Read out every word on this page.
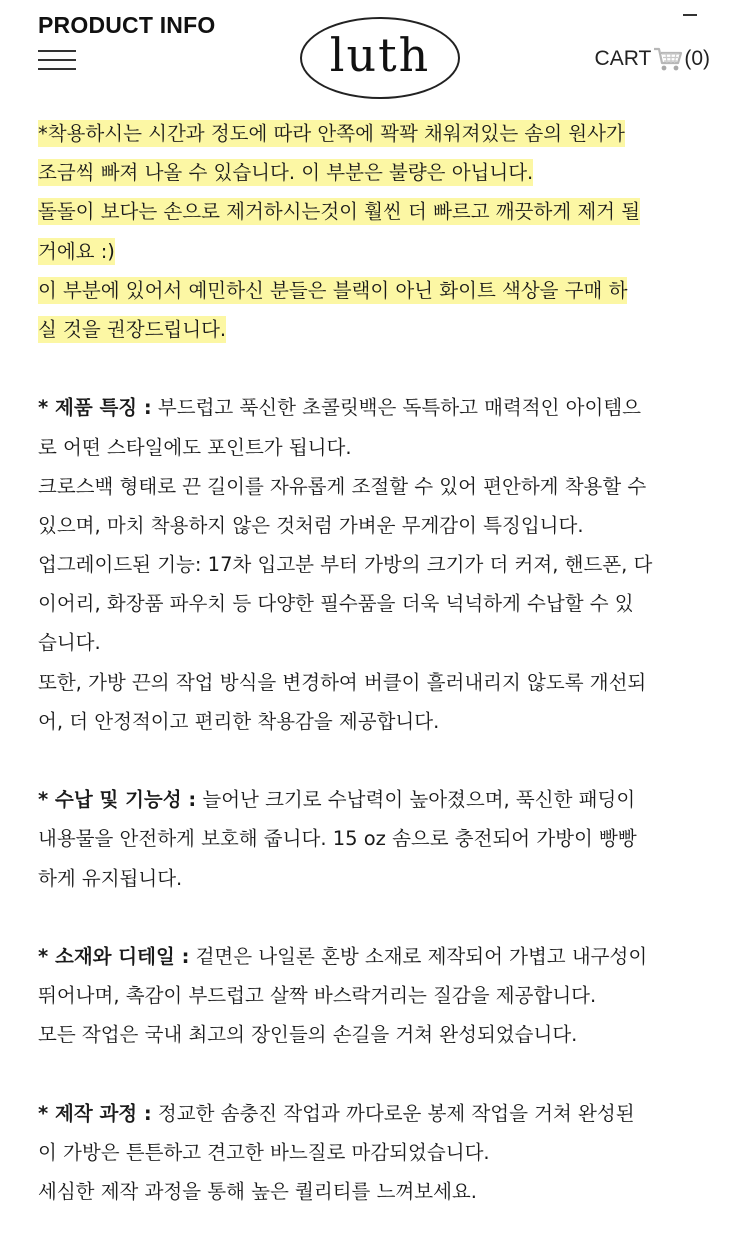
PRODUCT INFO
luth	CART (0)
*착용하시는 시간과 정도에 따라 안쪽에 꽉꽉 채워져있는 솜의 원사가
조금씩 빠져 나올 수 있습니다. 이 부분은 불량은 아닙니다.
돌돌이 보다는 손으로 제거하시는것이 훨씬 더 빠르고 깨끗하게 제거 될
거에요 :)
이 부분에 있어서 예민하신 분들은 블랙이 아닌 화이트 색상을 구매 하
실 것을 권장드립니다.
* 제품 특징 : 부드럽고 푹신한 초콜릿백은 독특하고 매력적인 아이템으
로 어떤 스타일에도 포인트가 됩니다.
크로스백 형태로 끈 길이를 자유롭게 조절할 수 있어 편안하게 착용할 수
있으며, 마치 착용하지 않은 것처럼 가벼운 무게감이 특징입니다.
업그레이드된 기능: 17차 입고분 부터 가방의 크기가 더 커져, 핸드폰, 다
이어리, 화장품 파우치 등 다양한 필수품을 더욱 넉넉하게 수납할 수 있
습니다.
또한, 가방 끈의 작업 방식을 변경하여 버클이 흘러내리지 않도록 개선되
어, 더 안정적이고 편리한 착용감을 제공합니다.
* 수납 및 기능성 : 늘어난 크기로 수납력이 높아졌으며, 푹신한 패딩이
내용물을 안전하게 보호해 줍니다. 15 oz 솜으로 충전되어 가방이 빵빵
하게 유지됩니다.
* 소재와 디테일 : 겉면은 나일론 혼방 소재로 제작되어 가볍고 내구성이
뛰어나며, 촉감이 부드럽고 살짝 바스락거리는 질감을 제공합니다.
모든 작업은 국내 최고의 장인들의 손길을 거쳐 완성되었습니다.
* 제작 과정 : 정교한 솜충진 작업과 까다로운 봉제 작업을 거쳐 완성된
이 가방은 튼튼하고 견고한 바느질로 마감되었습니다.
세심한 제작 과정을 통해 높은 퀄리티를 느껴보세요.
